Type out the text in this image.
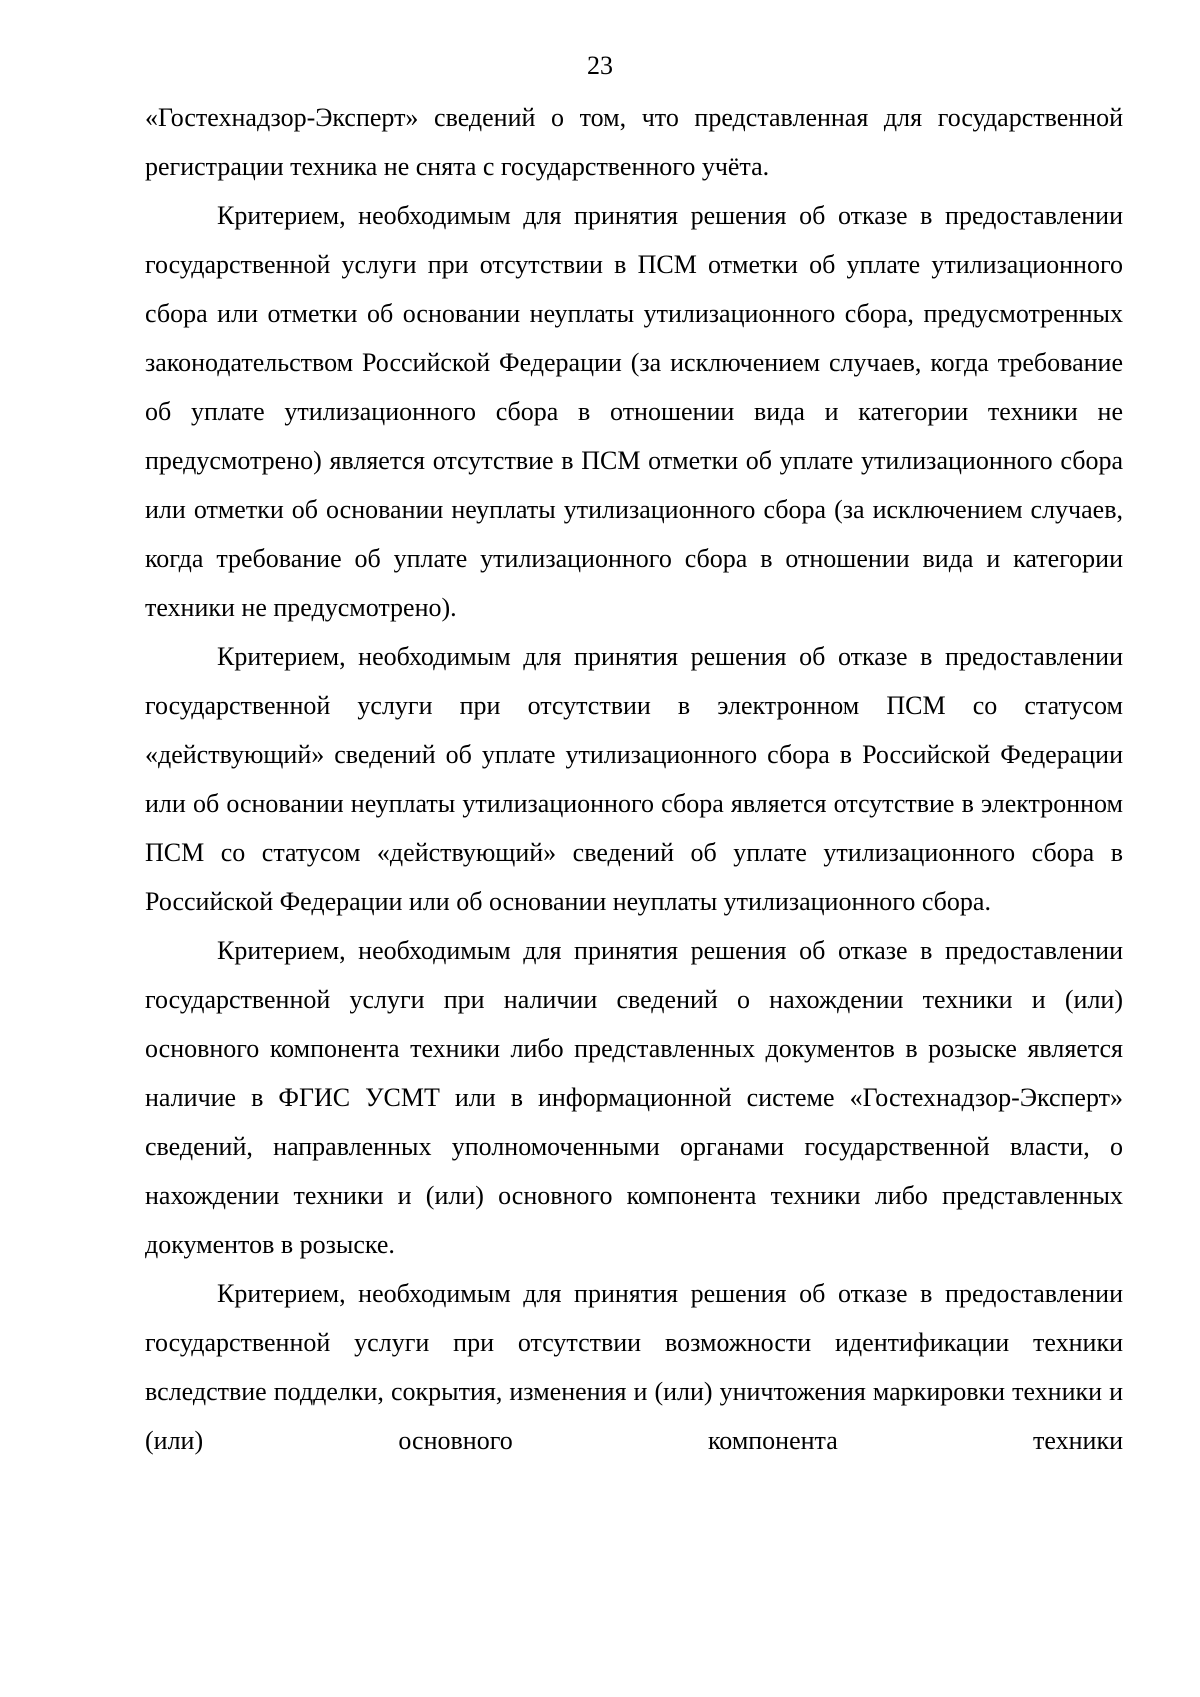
23

«Гостехнадзор-Эксперт» сведений о том, что представленная для государственной регистрации техника не снята с государственного учёта.

Критерием, необходимым для принятия решения об отказе в предоставлении государственной услуги при отсутствии в ПСМ отметки об уплате утилизационного сбора или отметки об основании неуплаты утилизационного сбора, предусмотренных законодательством Российской Федерации (за исключением случаев, когда требование об уплате утилизационного сбора в отношении вида и категории техники не предусмотрено) является отсутствие в ПСМ отметки об уплате утилизационного сбора или отметки об основании неуплаты утилизационного сбора (за исключением случаев, когда требование об уплате утилизационного сбора в отношении вида и категории техники не предусмотрено).

Критерием, необходимым для принятия решения об отказе в предоставлении государственной услуги при отсутствии в электронном ПСМ со статусом «действующий» сведений об уплате утилизационного сбора в Российской Федерации или об основании неуплаты утилизационного сбора является отсутствие в электронном ПСМ со статусом «действующий» сведений об уплате утилизационного сбора в Российской Федерации или об основании неуплаты утилизационного сбора.

Критерием, необходимым для принятия решения об отказе в предоставлении государственной услуги при наличии сведений о нахождении техники и (или) основного компонента техники либо представленных документов в розыске является наличие в ФГИС УСМТ или в информационной системе «Гостехнадзор-Эксперт» сведений, направленных уполномоченными органами государственной власти, о нахождении техники и (или) основного компонента техники либо представленных документов в розыске.

Критерием, необходимым для принятия решения об отказе в предоставлении государственной услуги при отсутствии возможности идентификации техники вследствие подделки, сокрытия, изменения и (или) уничтожения маркировки техники и (или) основного компонента техники
